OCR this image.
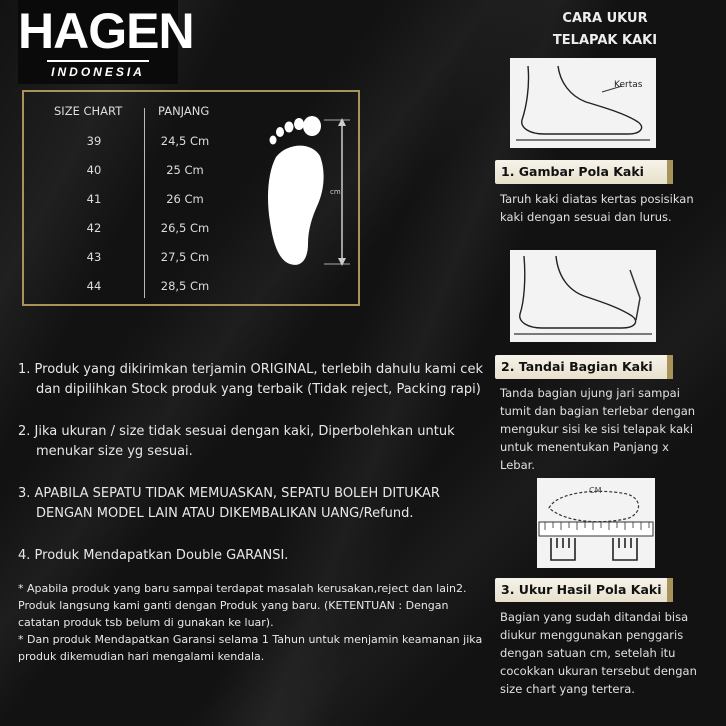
HAGEN
INDONESIA
SIZE CHART	PANJANG
39	24,5 Cm
40	25 Cm
41	26 Cm
42	26,5 Cm
43	27,5 Cm
44	28,5 Cm
cm
1. Produk yang dikirimkan terjamin ORIGINAL, terlebih dahulu kami cek dan dipilihkan Stock produk yang terbaik (Tidak reject, Packing rapi)
2. Jika ukuran / size tidak sesuai dengan kaki, Diperbolehkan untuk menukar size yg sesuai.
3. APABILA SEPATU TIDAK MEMUASKAN, SEPATU BOLEH DITUKAR DENGAN MODEL LAIN ATAU DIKEMBALIKAN UANG/Refund.
4. Produk Mendapatkan Double GARANSI.
* Apabila produk yang baru sampai terdapat masalah kerusakan,reject dan lain2. Produk langsung kami ganti dengan Produk yang baru. (KETENTUAN : Dengan catatan produk tsb belum di gunakan ke luar).
* Dan produk Mendapatkan Garansi selama 1 Tahun untuk menjamin keamanan jika produk dikemudian hari mengalami kendala.
CARA UKUR
TELAPAK KAKI
Kertas
1. Gambar Pola Kaki
Taruh kaki diatas kertas posisikan kaki dengan sesuai dan lurus.
2. Tandai Bagian Kaki
Tanda bagian ujung jari sampai tumit dan bagian terlebar dengan mengukur sisi ke sisi telapak kaki untuk menentukan Panjang x Lebar.
CM
3. Ukur Hasil Pola Kaki
Bagian yang sudah ditandai bisa diukur menggunakan penggaris dengan satuan cm, setelah itu cocokkan ukuran tersebut dengan size chart yang tertera.
